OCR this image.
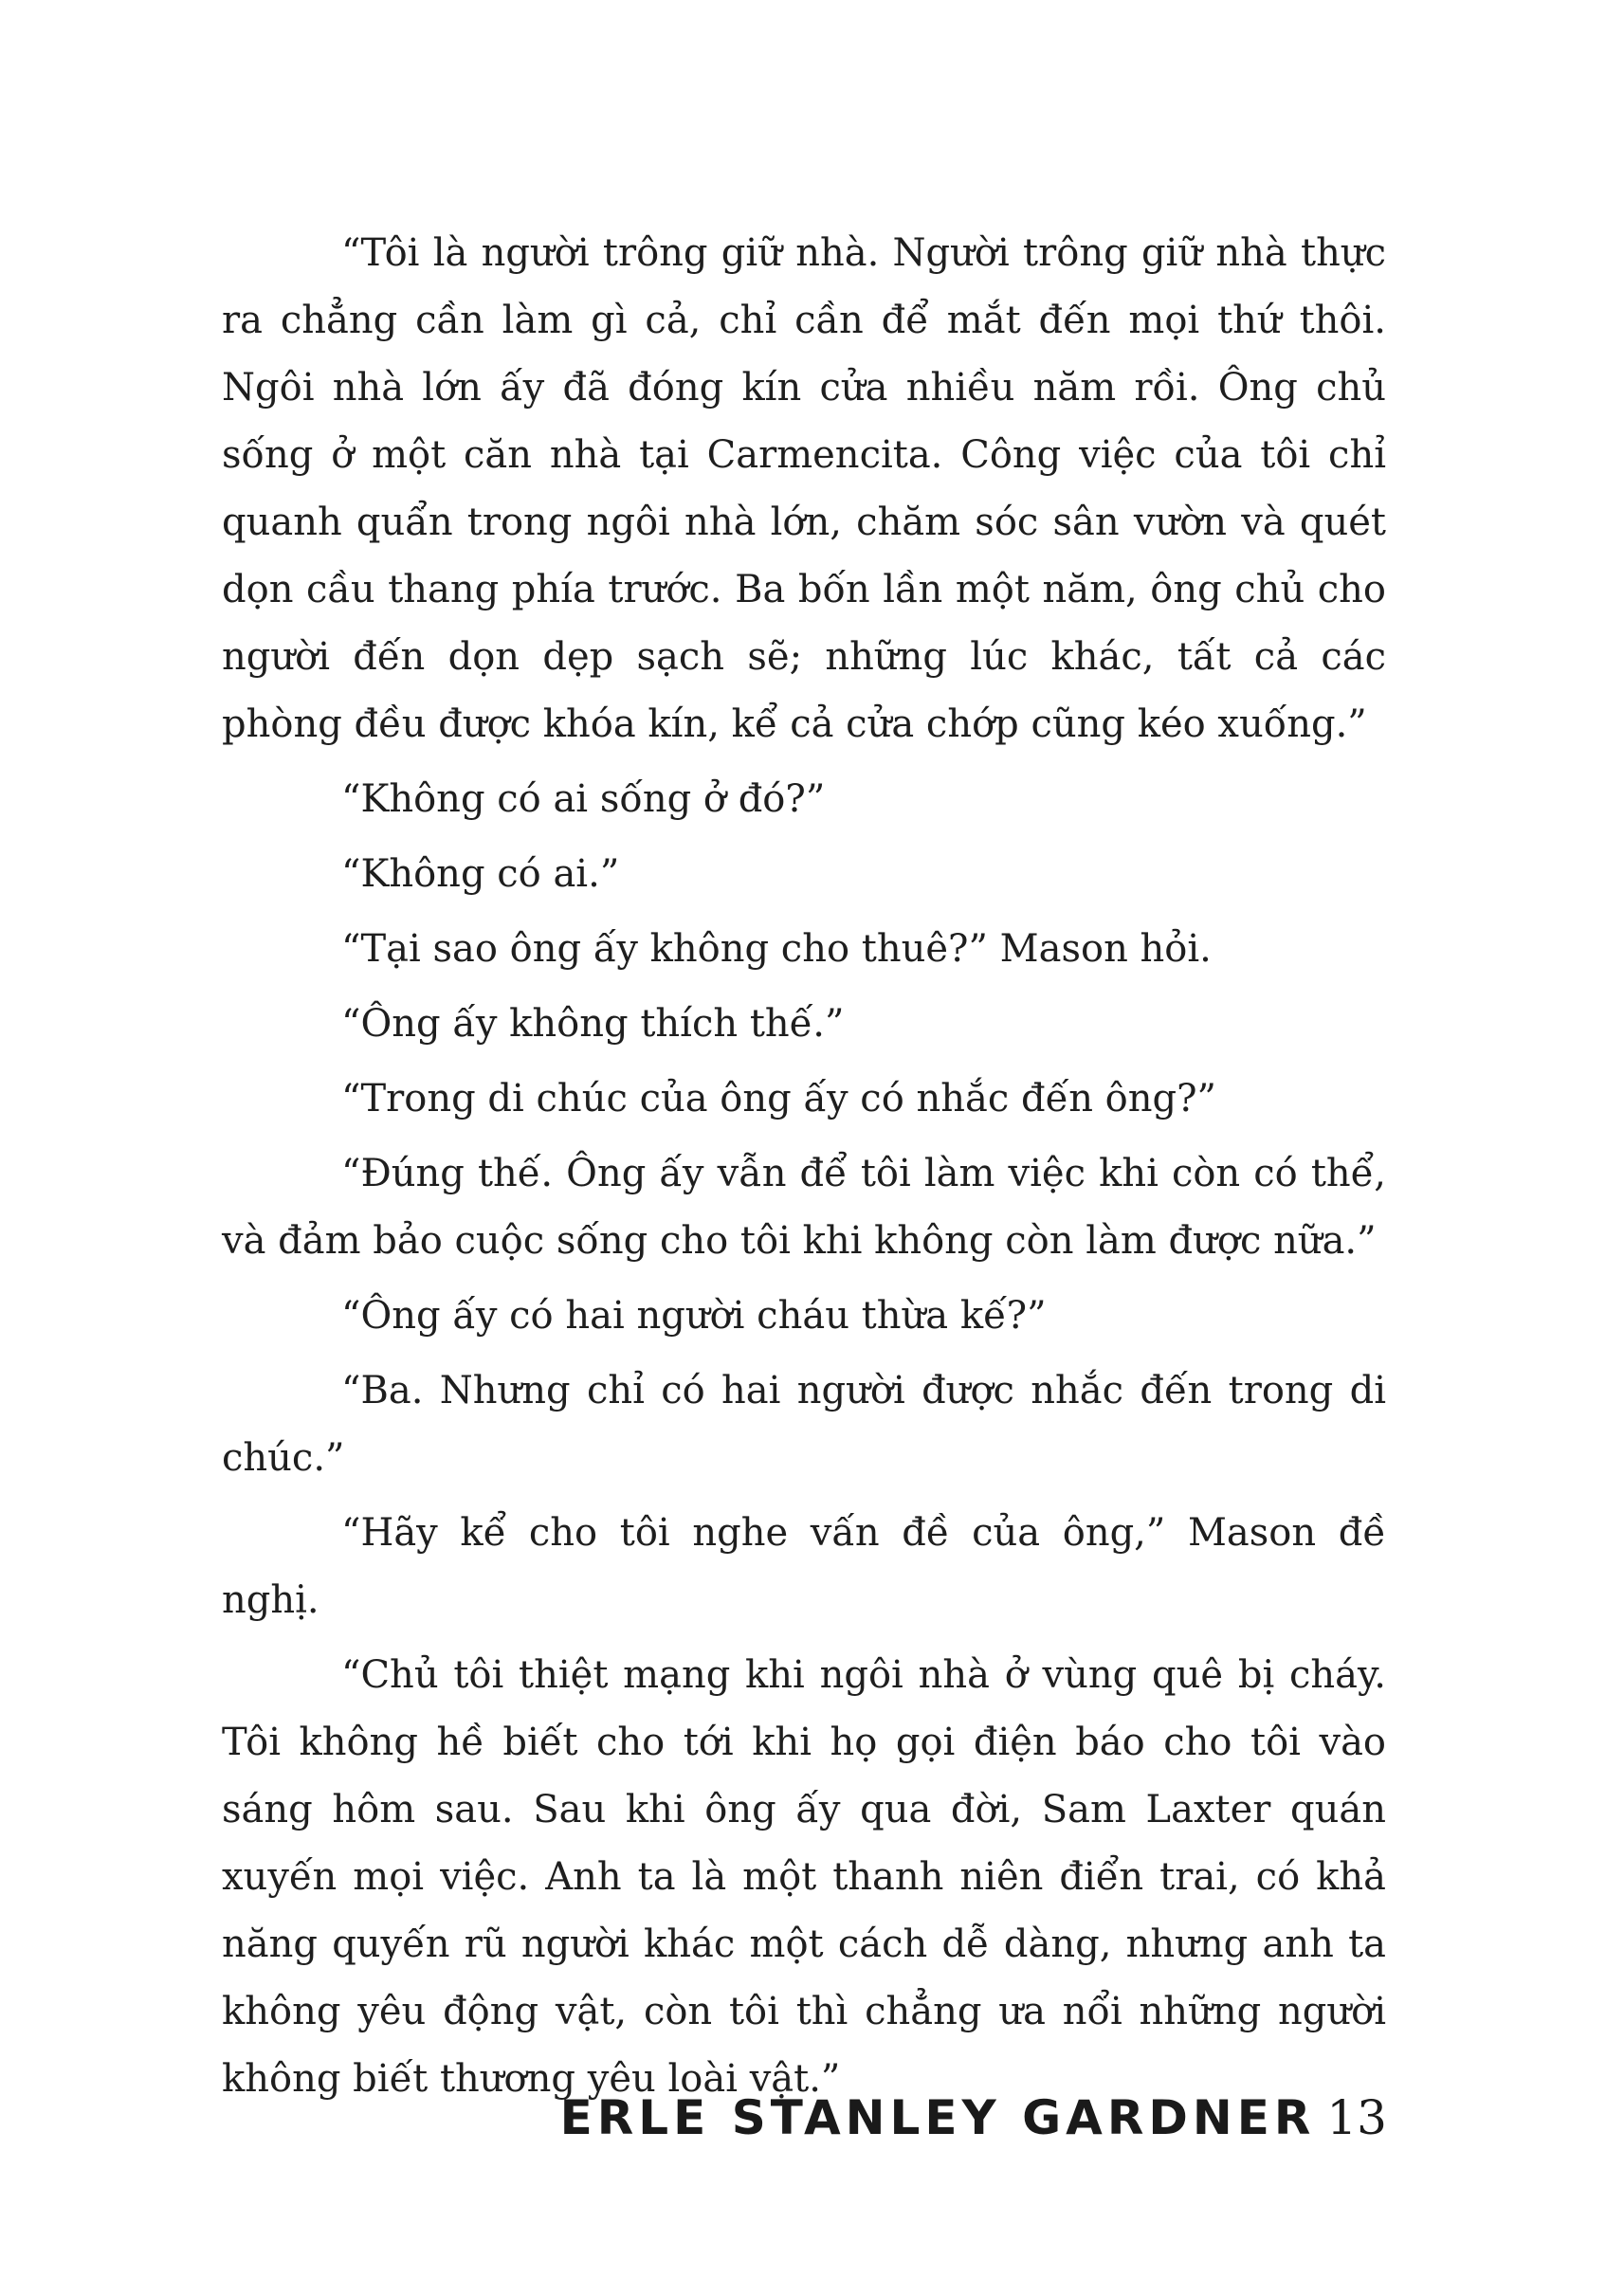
“Tôi là người trông giữ nhà. Người trông giữ nhà thực ra chẳng cần làm gì cả, chỉ cần để mắt đến mọi thứ thôi. Ngôi nhà lớn ấy đã đóng kín cửa nhiều năm rồi. Ông chủ sống ở một căn nhà tại Carmencita. Công việc của tôi chỉ quanh quẩn trong ngôi nhà lớn, chăm sóc sân vườn và quét dọn cầu thang phía trước. Ba bốn lần một năm, ông chủ cho người đến dọn dẹp sạch sẽ; những lúc khác, tất cả các phòng đều được khóa kín, kể cả cửa chớp cũng kéo xuống.”

“Không có ai sống ở đó?”

“Không có ai.”

“Tại sao ông ấy không cho thuê?” Mason hỏi.

“Ông ấy không thích thế.”

“Trong di chúc của ông ấy có nhắc đến ông?”

“Đúng thế. Ông ấy vẫn để tôi làm việc khi còn có thể, và đảm bảo cuộc sống cho tôi khi không còn làm được nữa.”

“Ông ấy có hai người cháu thừa kế?”

“Ba. Nhưng chỉ có hai người được nhắc đến trong di chúc.”

“Hãy kể cho tôi nghe vấn đề của ông,” Mason đề nghị.

“Chủ tôi thiệt mạng khi ngôi nhà ở vùng quê bị cháy. Tôi không hề biết cho tới khi họ gọi điện báo cho tôi vào sáng hôm sau. Sau khi ông ấy qua đời, Sam Laxter quán xuyến mọi việc. Anh ta là một thanh niên điển trai, có khả năng quyến rũ người khác một cách dễ dàng, nhưng anh ta không yêu động vật, còn tôi thì chẳng ưa nổi những người không biết thương yêu loài vật.”

ERLE STANLEY GARDNER 13
